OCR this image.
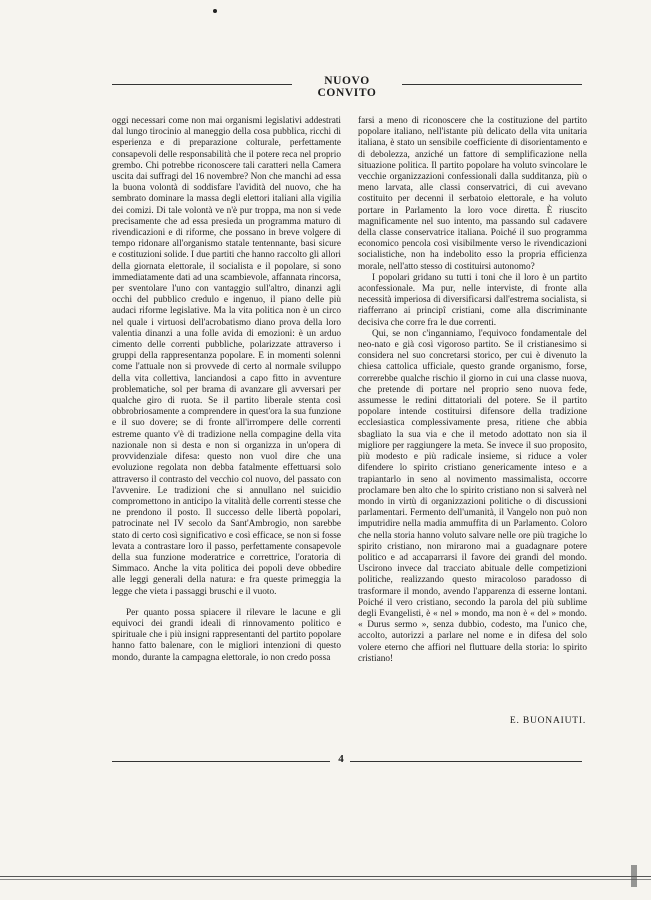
NUOVO CONVITO

oggi necessari come non mai organismi legislativi addestrati dal lungo tirocinio al maneggio della cosa pubblica, ricchi di esperienza e di preparazione colturale, perfettamente consapevoli delle responsabilità che il potere reca nel proprio grembo. Chi potrebbe riconoscere tali caratteri nella Camera uscita dai suffragi del 16 novembre? Non che manchi ad essa la buona volontà di soddisfare l'avidità del nuovo, che ha sembrato dominare la massa degli elettori italiani alla vigilia dei comizi. Di tale volontà ve n'è pur troppa, ma non si vede precisamente che ad essa presieda un programma maturo di rivendicazioni e di riforme, che possano in breve volgere di tempo ridonare all'organismo statale tentennante, basi sicure e costituzioni solide. I due partiti che hanno raccolto gli allori della giornata elettorale, il socialista e il popolare, si sono immediatamente dati ad una scambievole, affannata rincorsa, per sventolare l'uno con vantaggio sull'altro, dinanzi agli occhi del pubblico credulo e ingenuo, il piano delle più audaci riforme legislative. Ma la vita politica non è un circo nel quale i virtuosi dell'acrobatismo diano prova della loro valentia dinanzi a una folle avida di emozioni: è un arduo cimento delle correnti pubbliche, polarizzate attraverso i gruppi della rappresentanza popolare. E in momenti solenni come l'attuale non si provvede di certo al normale sviluppo della vita collettiva, lanciandosi a capo fitto in avventure problematiche, sol per brama di avanzare gli avversari per qualche giro di ruota. Se il partito liberale stenta così obbrobriosamente a comprendere in quest'ora la sua funzione e il suo dovere; se di fronte all'irrompere delle correnti estreme quanto v'è di tradizione nella compagine della vita nazionale non si desta e non si organizza in un'opera di provvidenziale difesa: questo non vuol dire che una evoluzione regolata non debba fatalmente effettuarsi solo attraverso il contrasto del vecchio col nuovo, del passato con l'avvenire. Le tradizioni che si annullano nel suicidio compromettono in anticipo la vitalità delle correnti stesse che ne prendono il posto. Il successo delle libertà popolari, patrocinate nel IV secolo da Sant'Ambrogio, non sarebbe stato di certo così significativo e così efficace, se non si fosse levata a contrastare loro il passo, perfettamente consapevole della sua funzione moderatrice e correttrice, l'oratoria di Simmaco. Anche la vita politica dei popoli deve obbedire alle leggi generali della natura: e fra queste primeggia la legge che vieta i passaggi bruschi e il vuoto.

Per quanto possa spiacere il rilevare le lacune e gli equivoci dei grandi ideali di rinnovamento politico e spirituale che i più insigni rappresentanti del partito popolare hanno fatto balenare, con le migliori intenzioni di questo mondo, durante la campagna elettorale, io non credo possa

farsi a meno di riconoscere che la costituzione del partito popolare italiano, nell'istante più delicato della vita unitaria italiana, è stato un sensibile coefficiente di disorientamento e di debolezza, anziché un fattore di semplificazione nella situazione politica. Il partito popolare ha voluto svincolare le vecchie organizzazioni confessionali dalla sudditanza, più o meno larvata, alle classi conservatrici, di cui avevano costituito per decenni il serbatoio elettorale, e ha voluto portare in Parlamento la loro voce diretta. È riuscito magnificamente nel suo intento, ma passando sul cadavere della classe conservatrice italiana. Poiché il suo programma economico pencola così visibilmente verso le rivendicazioni socialistiche, non ha indebolito esso la propria efficienza morale, nell'atto stesso di costituirsi autonomo?

I popolari gridano su tutti i toni che il loro è un partito aconfessionale. Ma pur, nelle interviste, di fronte alla necessità imperiosa di diversificarsi dall'estrema socialista, si riafferrano ai principî cristiani, come alla discriminante decisiva che corre fra le due correnti.

Qui, se non c'inganniamo, l'equivoco fondamentale del neo-nato e già così vigoroso partito. Se il cristianesimo si considera nel suo concretarsi storico, per cui è divenuto la chiesa cattolica ufficiale, questo grande organismo, forse, correrebbe qualche rischio il giorno in cui una classe nuova, che pretende di portare nel proprio seno nuova fede, assumesse le redini dittatoriali del potere. Se il partito popolare intende costituirsi difensore della tradizione ecclesiastica complessivamente presa, ritiene che abbia sbagliato la sua via e che il metodo adottato non sia il migliore per raggiungere la meta. Se invece il suo proposito, più modesto e più radicale insieme, si riduce a voler difendere lo spirito cristiano genericamente inteso e a trapiantarlo in seno al novimento massimalista, occorre proclamare ben alto che lo spirito cristiano non si salverà nel mondo in virtù di organizzazioni politiche o di discussioni parlamentari. Fermento dell'umanità, il Vangelo non può non imputridire nella madia ammuffita di un Parlamento. Coloro che nella storia hanno voluto salvare nelle ore più tragiche lo spirito cristiano, non mirarono mai a guadagnare potere politico e ad accaparrarsi il favore dei grandi del mondo. Uscirono invece dal tracciato abituale delle competizioni politiche, realizzando questo miracoloso paradosso di trasformare il mondo, avendo l'apparenza di esserne lontani. Poiché il vero cristiano, secondo la parola del più sublime degli Evangelisti, è « nel » mondo, ma non è « del » mondo. « Durus sermo », senza dubbio, codesto, ma l'unico che, accolto, autorizzi a parlare nel nome e in difesa del solo volere eterno che affiori nel fluttuare della storia: lo spirito cristiano!

E. BUONAIUTI.
4
